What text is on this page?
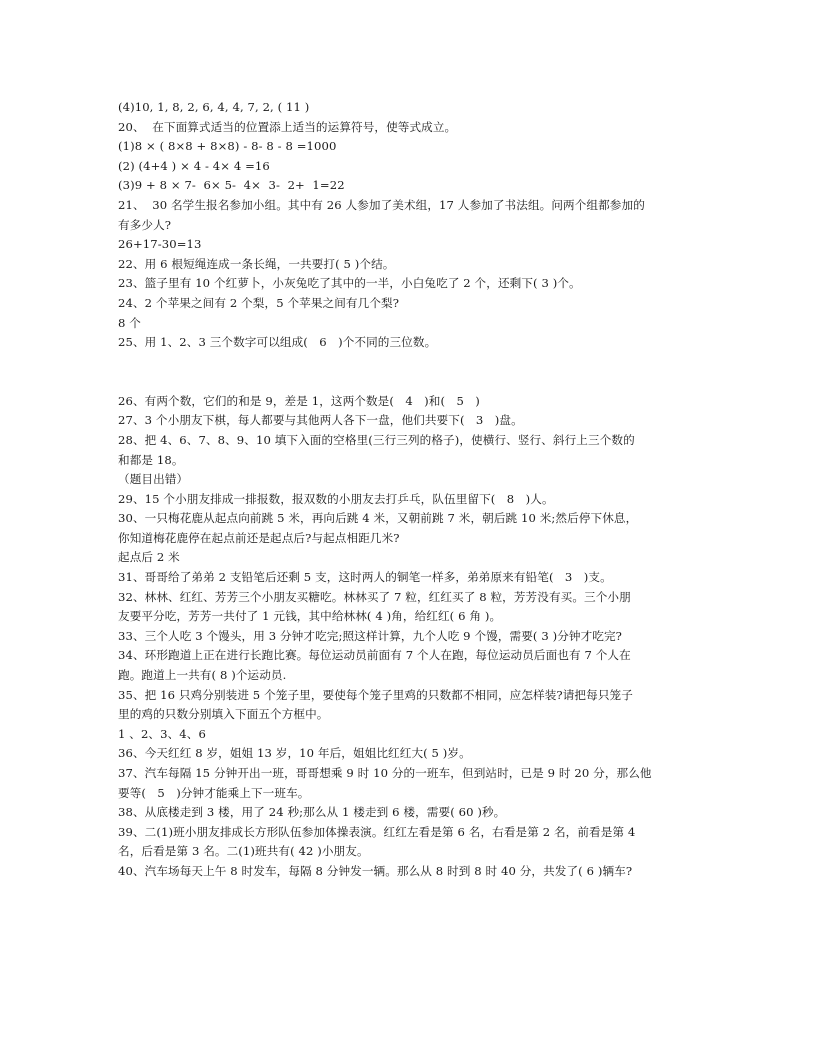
(4)10, 1, 8, 2, 6, 4, 4, 7, 2, ( 11 )
20、  在下面算式适当的位置添上适当的运算符号，使等式成立。
(1)8 × ( 8×8 + 8×8) - 8- 8 - 8 =1000
(2) (4+4 ) × 4 - 4× 4 =16
(3)9 + 8 × 7-  6× 5-  4×  3-  2+  1=22
21、  30 名学生报名参加小组。其中有 26 人参加了美术组，17 人参加了书法组。问两个组都参加的
有多少人?
26+17-30=13
22、用 6 根短绳连成一条长绳，一共要打( 5 )个结。
23、篮子里有 10 个红萝卜，小灰兔吃了其中的一半，小白兔吃了 2 个，还剩下( 3 )个。
24、2 个苹果之间有 2 个梨，5 个苹果之间有几个梨?
8 个
25、用 1、2、3 三个数字可以组成(   6   )个不同的三位数。
26、有两个数，它们的和是 9，差是 1，这两个数是(   4   )和(   5   )
27、3 个小朋友下棋，每人都要与其他两人各下一盘，他们共要下(   3   )盘。
28、把 4、6、7、8、9、10 填下入面的空格里(三行三列的格子)，使横行、竖行、斜行上三个数的
和都是 18。
（题目出错）
29、15 个小朋友排成一排报数，报双数的小朋友去打乒乓，队伍里留下(   8   )人。
30、一只梅花鹿从起点向前跳 5 米，再向后跳 4 米，又朝前跳 7 米，朝后跳 10 米;然后停下休息，
你知道梅花鹿停在起点前还是起点后?与起点相距几米?
起点后 2 米
31、哥哥给了弟弟 2 支铅笔后还剩 5 支，这时两人的铜笔一样多，弟弟原来有铅笔(   3   )支。
32、林林、红红、芳芳三个小朋友买糖吃。林林买了 7 粒，红红买了 8 粒，芳芳没有买。三个小朋
友要平分吃，芳芳一共付了 1 元钱，其中给林林( 4 )角，给红红( 6 角 )。
33、三个人吃 3 个馒头，用 3 分钟才吃完;照这样计算，九个人吃 9 个馒，需要( 3 )分钟才吃完?
34、环形跑道上正在进行长跑比赛。每位运动员前面有 7 个人在跑，每位运动员后面也有 7 个人在
跑。跑道上一共有( 8 )个运动员.
35、把 16 只鸡分别装进 5 个笼子里，要使每个笼子里鸡的只数都不相同，应怎样装?请把每只笼子
里的鸡的只数分别填入下面五个方框中。
1 、2、3、4、6
36、今天红红 8 岁，姐姐 13 岁，10 年后，姐姐比红红大( 5 )岁。
37、汽车每隔 15 分钟开出一班，哥哥想乘 9 时 10 分的一班车，但到站时，已是 9 时 20 分，那么他
要等(   5   )分钟才能乘上下一班车。
38、从底楼走到 3 楼，用了 24 秒;那么从 1 楼走到 6 楼，需要( 60 )秒。
39、二(1)班小朋友排成长方形队伍参加体操表演。红红左看是第 6 名，右看是第 2 名，前看是第 4
名，后看是第 3 名。二(1)班共有( 42 )小朋友。
40、汽车场每天上午 8 时发车，每隔 8 分钟发一辆。那么从 8 时到 8 时 40 分，共发了( 6 )辆车?
